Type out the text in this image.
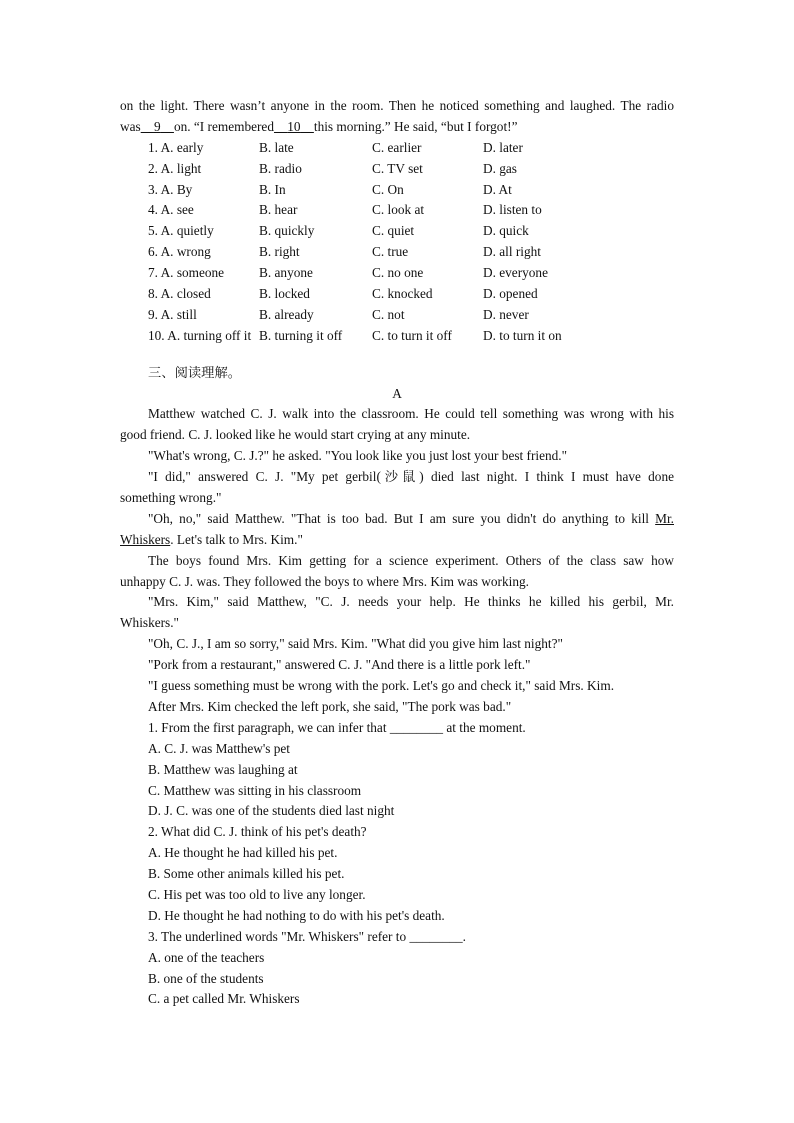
on the light. There wasn’t anyone in the room. Then he noticed something and laughed. The radio
was 9 on. “I remembered 10 this morning.” He said, “but I forgot!”
1. A. early	B. late	C. earlier	D. later
2. A. light	B. radio	C. TV set	D. gas
3. A. By	B. In	C. On	D. At
4. A. see	B. hear	C. look at	D. listen to
5. A. quietly	B. quickly	C. quiet	D. quick
6. A. wrong	B. right	C. true	D. all right
7. A. someone	B. anyone	C. no one	D. everyone
8. A. closed	B. locked	C. knocked	D. opened
9. A. still	B. already	C. not	D. never
10. A. turning off it B. turning it off C. to turn it off D. to turn it on
三、阅读理解。
A
Matthew watched C. J. walk into the classroom. He could tell something was wrong with his
good friend. C. J. looked like he would start crying at any minute.
"What's wrong, C. J.?" he asked. "You look like you just lost your best friend."
"I did," answered C. J. "My pet gerbil(沙鼠) died last night. I think I must have done
something wrong."
"Oh, no," said Matthew. "That is too bad. But I am sure you didn't do anything to kill Mr.
Whiskers. Let's talk to Mrs. Kim."
The boys found Mrs. Kim getting for a science experiment. Others of the class saw how
unhappy C. J. was. They followed the boys to where Mrs. Kim was working.
"Mrs. Kim," said Matthew, "C. J. needs your help. He thinks he killed his gerbil, Mr.
Whiskers."
"Oh, C. J., I am so sorry," said Mrs. Kim. "What did you give him last night?"
"Pork from a restaurant," answered C. J. "And there is a little pork left."
"I guess something must be wrong with the pork. Let's go and check it," said Mrs. Kim.
After Mrs. Kim checked the left pork, she said, "The pork was bad."
1. From the first paragraph, we can infer that ________ at the moment.
A. C. J. was Matthew's pet
B. Matthew was laughing at
C. Matthew was sitting in his classroom
D. J. C. was one of the students died last night
2. What did C. J. think of his pet's death?
A. He thought he had killed his pet.
B. Some other animals killed his pet.
C. His pet was too old to live any longer.
D. He thought he had nothing to do with his pet's death.
3. The underlined words "Mr. Whiskers" refer to ________.
A. one of the teachers
B. one of the students
C. a pet called Mr. Whiskers
